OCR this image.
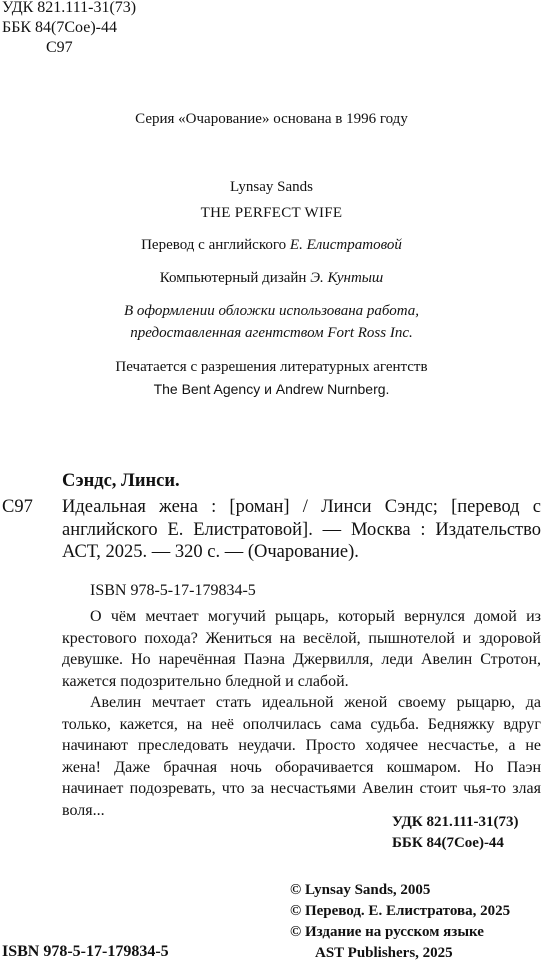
УДК 821.111-31(73)
ББК 84(7Сое)-44
С97
Серия «Очарование» основана в 1996 году
Lynsay Sands
THE PERFECT WIFE
Перевод с английского Е. Елистратовой
Компьютерный дизайн Э. Кунтыш
В оформлении обложки использована работа,
предоставленная агентством Fort Ross Inc.
Печатается с разрешения литературных агентств
The Bent Agency и Andrew Nurnberg.
Сэндс, Линси.
С97 Идеальная жена : [роман] / Линси Сэндс; [перевод с английского Е. Елистратовой]. — Москва : Издательство АСТ, 2025. — 320 с. — (Очарование).
ISBN 978-5-17-179834-5
О чём мечтает могучий рыцарь, который вернулся домой из крестового похода? Жениться на весёлой, пышнотелой и здоровой девушке. Но наречённая Паэна Джервилля, леди Авелин Стротон, кажется подозрительно бледной и слабой.
Авелин мечтает стать идеальной женой своему рыцарю, да только, кажется, на неё ополчилась сама судьба. Бедняжку вдруг начинают преследовать неудачи. Просто ходячее несчастье, а не жена! Даже брачная ночь оборачивается кошмаром. Но Паэн начинает подозревать, что за несчастьями Авелин стоит чья-то злая воля...
УДК 821.111-31(73)
ББК 84(7Сое)-44
© Lynsay Sands, 2005
© Перевод. Е. Елистратова, 2025
© Издание на русском языке
AST Publishers, 2025
ISBN 978-5-17-179834-5
